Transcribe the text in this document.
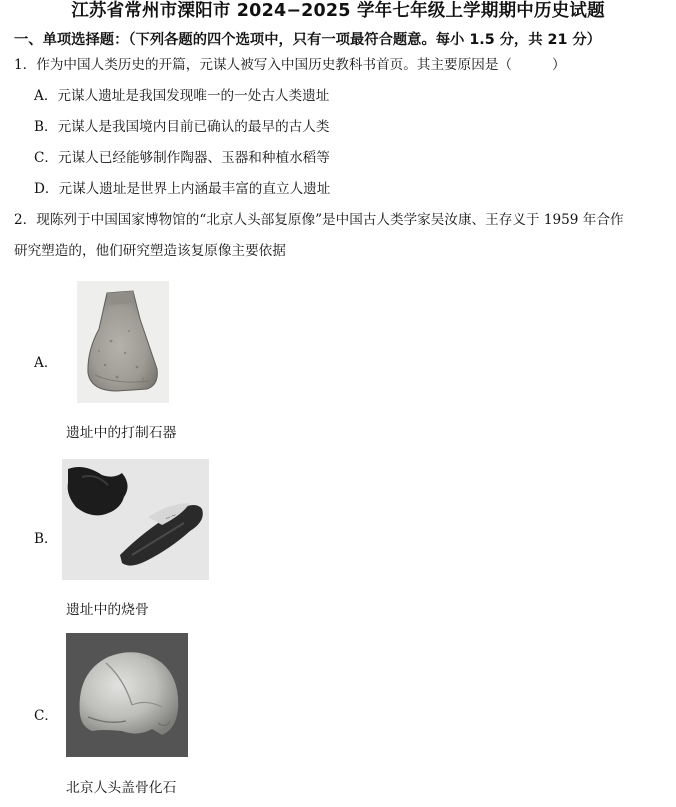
江苏省常州市溧阳市 2024−2025 学年七年级上学期期中历史试题
一、单项选择题：（下列各题的四个选项中，只有一项最符合题意。每小 1.5 分，共 21 分）
1．作为中国人类历史的开篇，元谋人被写入中国历史教科书首页。其主要原因是（	）
A．元谋人遗址是我国发现唯一的一处古人类遗址
B．元谋人是我国境内目前已确认的最早的古人类
C．元谋人已经能够制作陶器、玉器和种植水稻等
D．元谋人遗址是世界上内涵最丰富的直立人遗址
2．现陈列于中国国家博物馆的“北京人头部复原像”是中国古人类学家吴汝康、王存义于 1959 年合作
研究塑造的，他们研究塑造该复原像主要依据
A．
遗址中的打制石器
~~
B．
遗址中的烧骨
C．
北京人头盖骨化石
